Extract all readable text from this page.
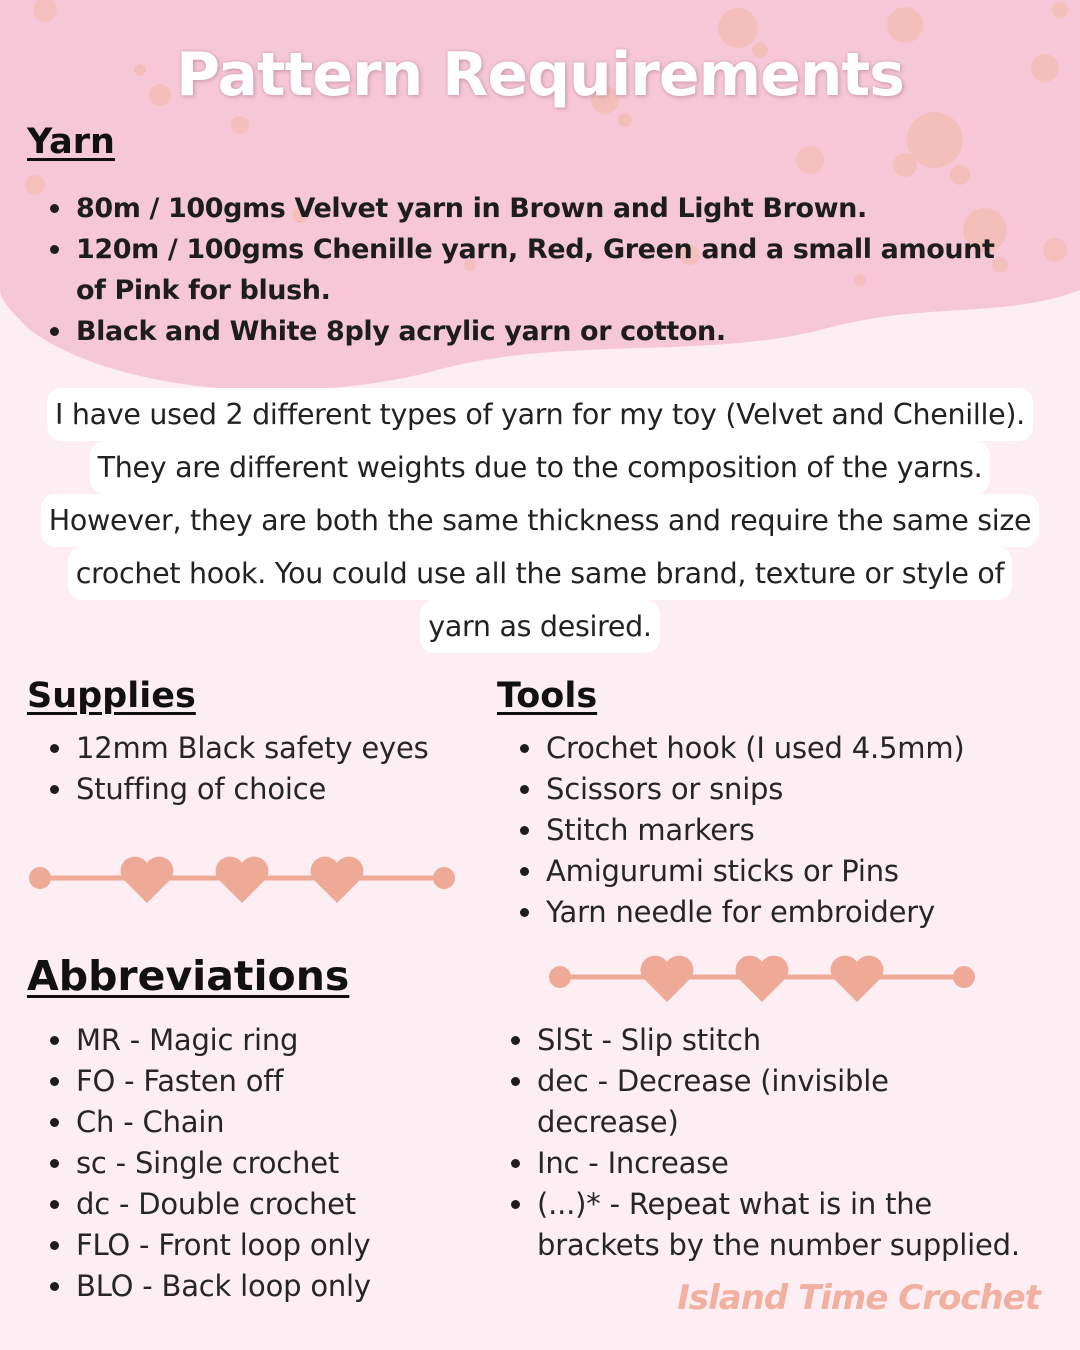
Pattern Requirements
Yarn
80m / 100gms Velvet yarn in Brown and Light Brown.
120m / 100gms Chenille yarn, Red, Green and a small amount of Pink for blush.
Black and White 8ply acrylic yarn or cotton.
I have used 2 different types of yarn for my toy (Velvet and Chenille).
They are different weights due to the composition of the yarns.
However, they are both the same thickness and require the same size
crochet hook. You could use all the same brand, texture or style of
yarn as desired.
Supplies
12mm Black safety eyes
Stuffing of choice
Tools
Crochet hook (I used 4.5mm)
Scissors or snips
Stitch markers
Amigurumi sticks or Pins
Yarn needle for embroidery
Abbreviations
MR - Magic ring
FO - Fasten off
Ch - Chain
sc - Single crochet
dc - Double crochet
FLO - Front loop only
BLO - Back loop only
SlSt - Slip stitch
dec - Decrease (invisible decrease)
Inc - Increase
(...)* - Repeat what is in the brackets by the number supplied.

Island Time Crochet
